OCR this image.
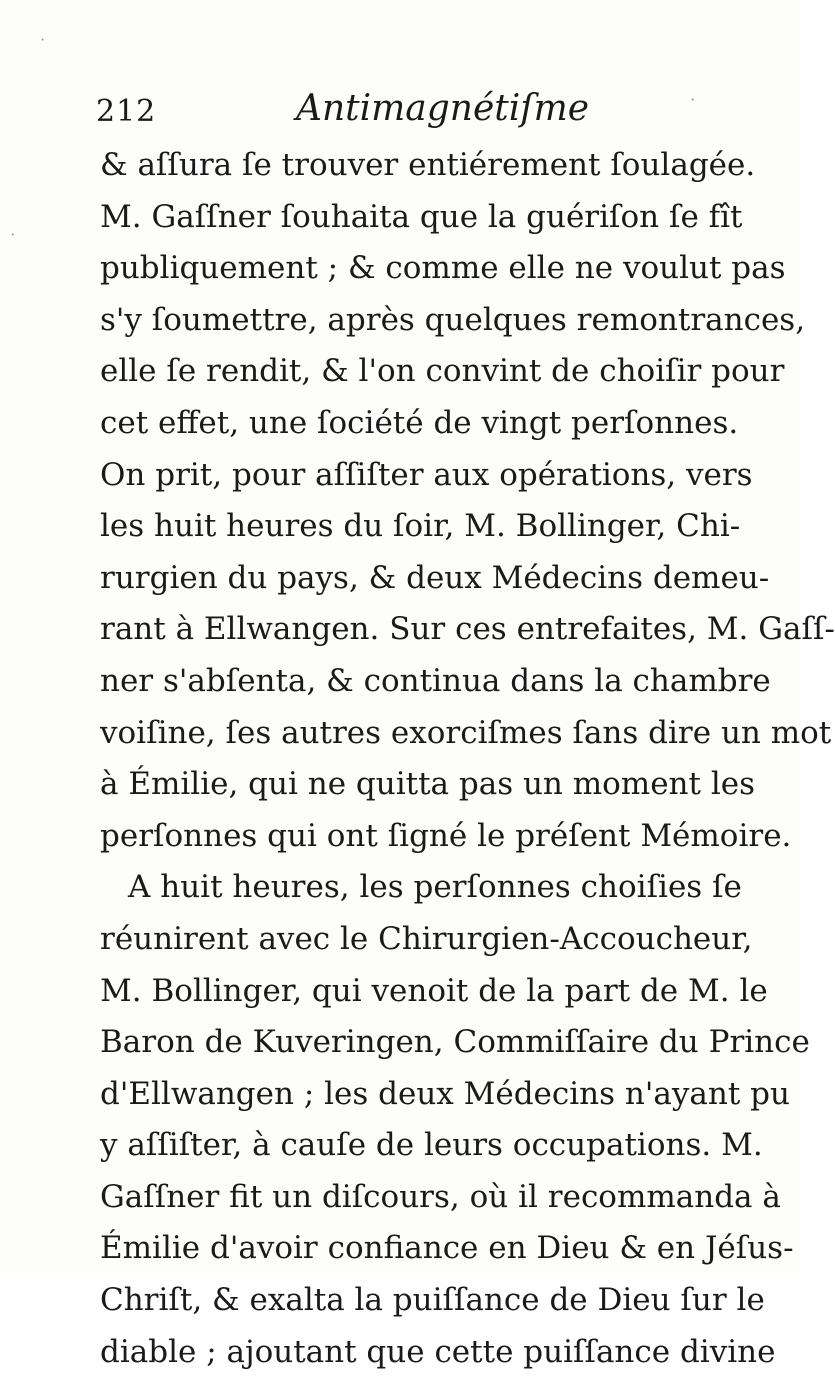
212	Antimagnétiſme
& aſſura ſe trouver entiérement ſoulagée.
M. Gaſſner ſouhaita que la guériſon ſe fît
publiquement ; & comme elle ne voulut pas
s'y ſoumettre, après quelques remontrances,
elle ſe rendit, & l'on convint de choiſir pour
cet effet, une ſociété de vingt perſonnes.
On prit, pour aſſiſter aux opérations, vers
les huit heures du ſoir, M. Bollinger, Chi-
rurgien du pays, & deux Médecins demeu-
rant à Ellwangen. Sur ces entrefaites, M. Gaſſ-
ner s'abſenta, & continua dans la chambre
voiſine, ſes autres exorciſmes ſans dire un mot
à Émilie, qui ne quitta pas un moment les
perſonnes qui ont ſigné le préſent Mémoire.
A huit heures, les perſonnes choiſies ſe
réunirent avec le Chirurgien-Accoucheur,
M. Bollinger, qui venoit de la part de M. le
Baron de Kuveringen, Commiſſaire du Prince
d'Ellwangen ; les deux Médecins n'ayant pu
y aſſiſter, à cauſe de leurs occupations. M.
Gaſſner fit un diſcours, où il recommanda à
Émilie d'avoir confiance en Dieu & en Jéſus-
Chriſt, & exalta la puiſſance de Dieu ſur le
diable ; ajoutant que cette puiſſance divine
⋅
⋅
⋅
